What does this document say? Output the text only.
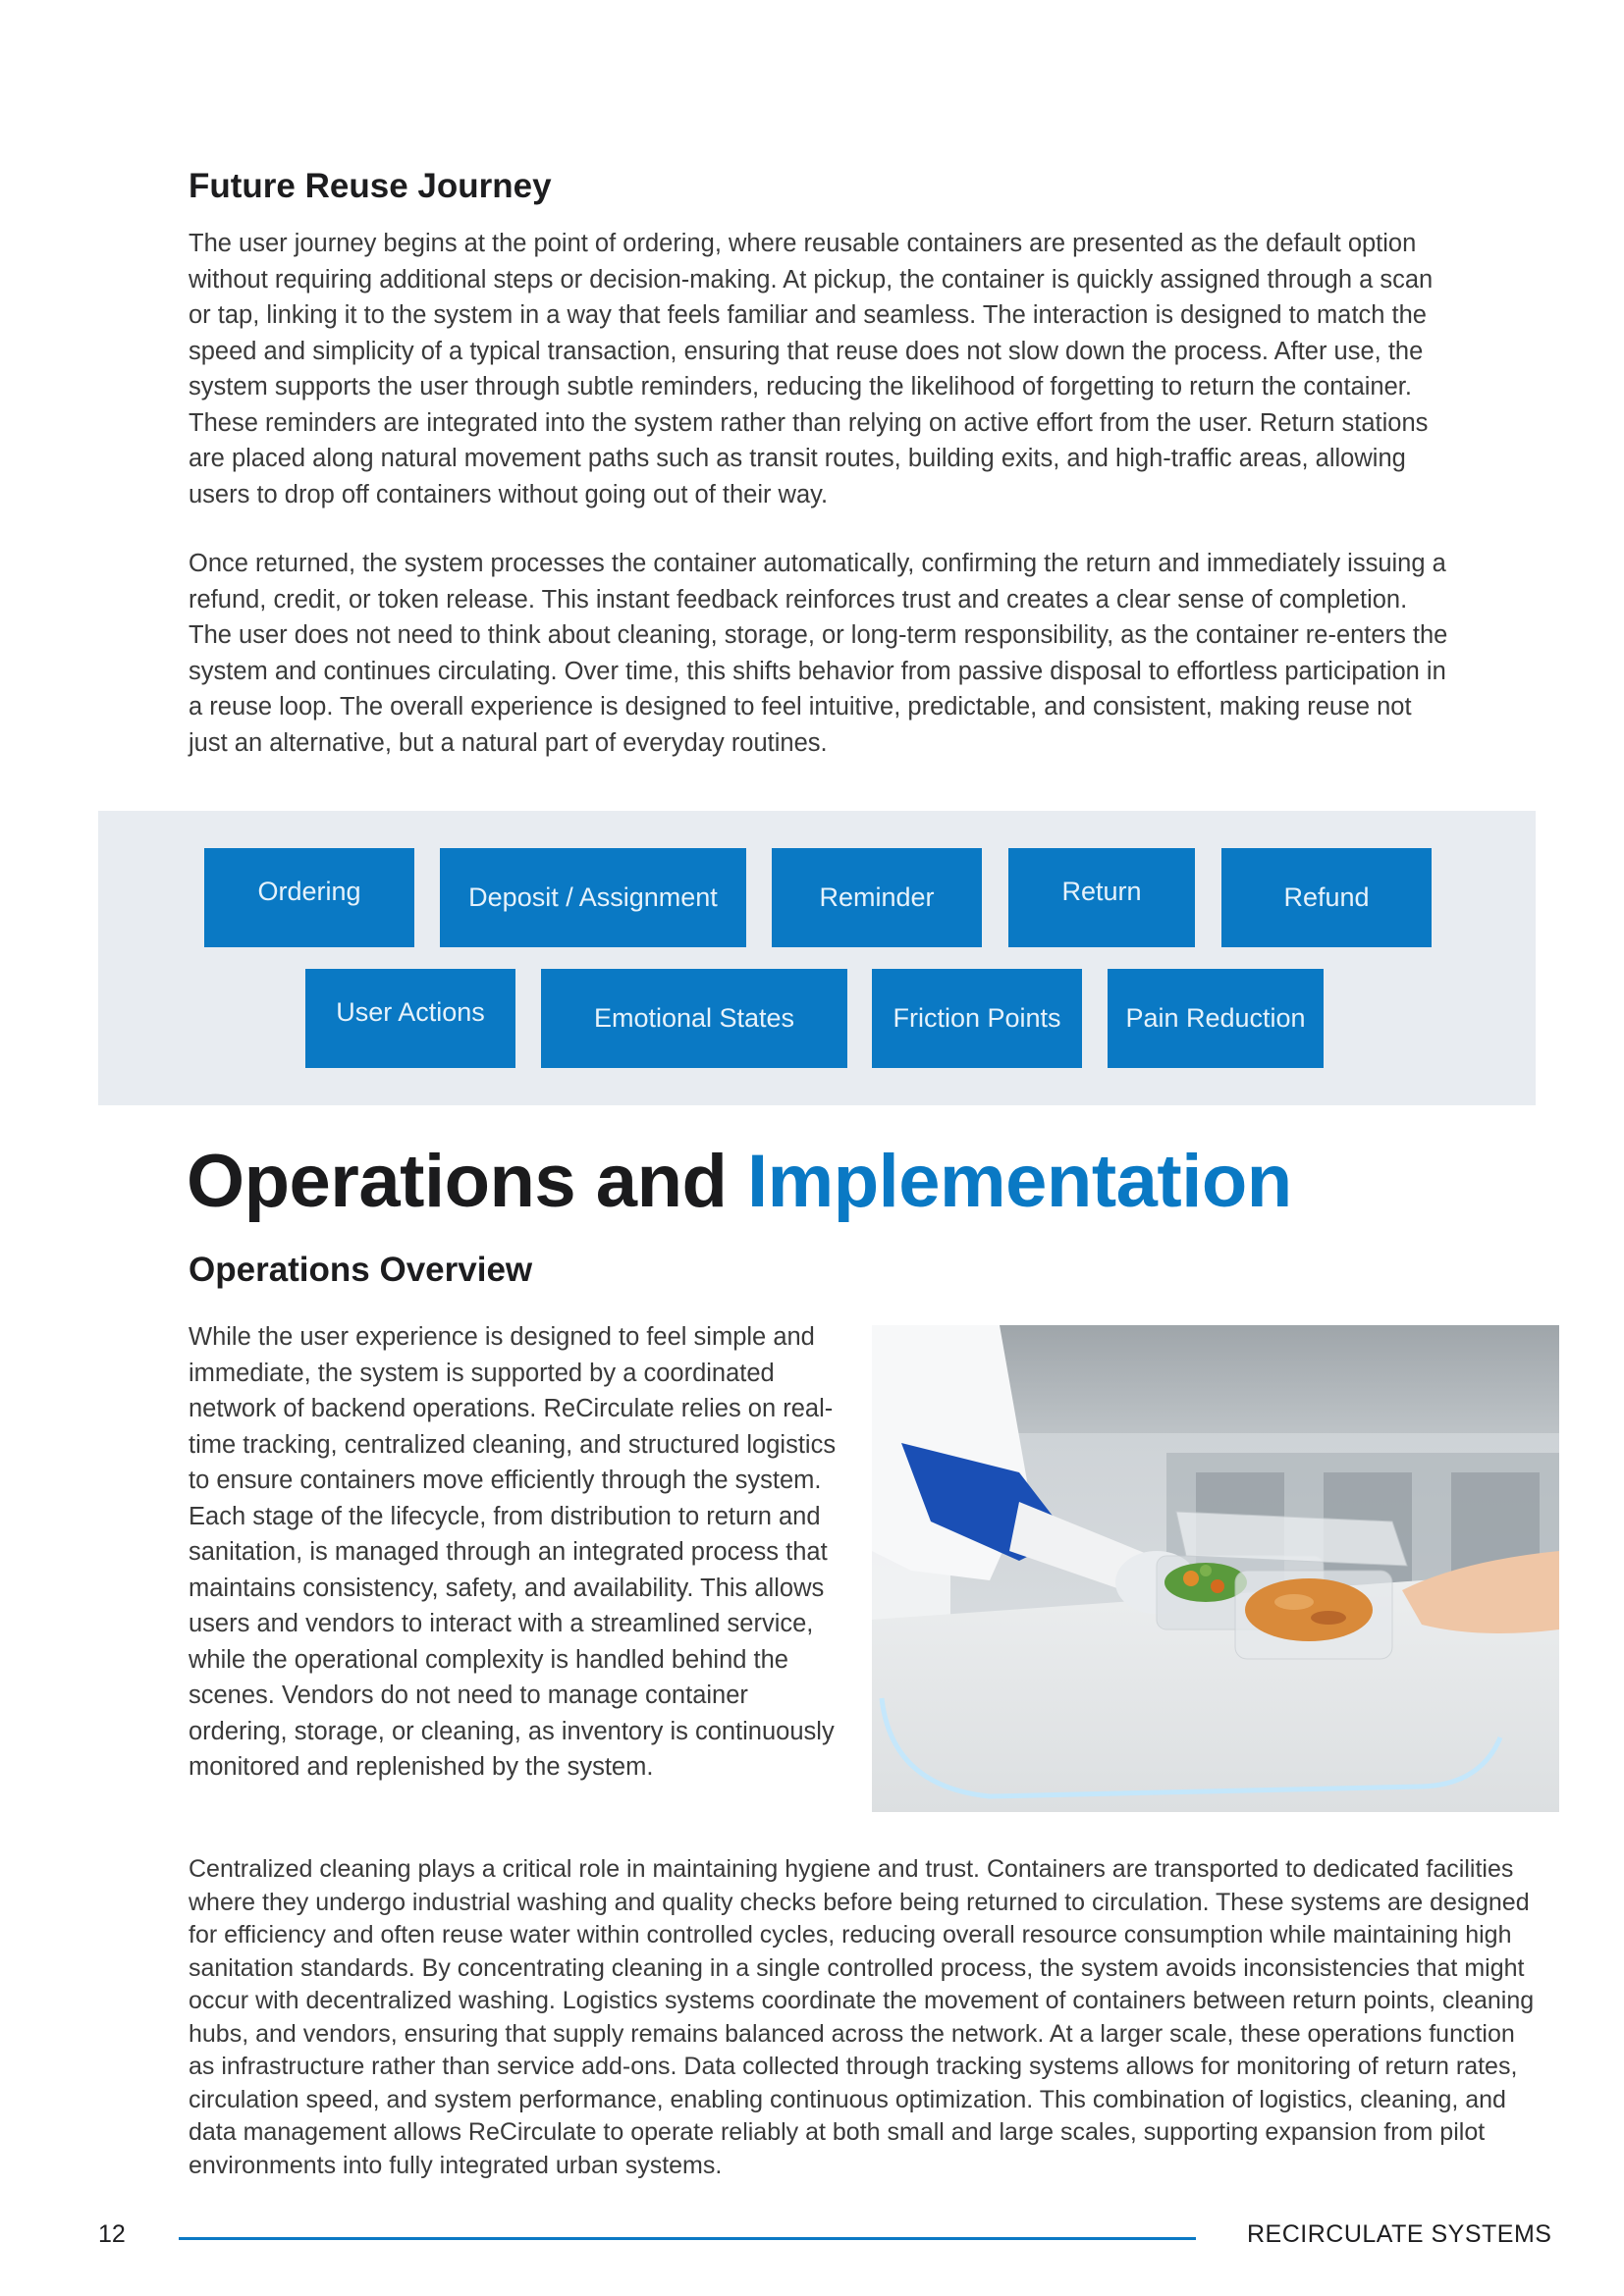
Future Reuse Journey

The user journey begins at the point of ordering, where reusable containers are presented as the default option without requiring additional steps or decision-making. At pickup, the container is quickly assigned through a scan or tap, linking it to the system in a way that feels familiar and seamless. The interaction is designed to match the speed and simplicity of a typical transaction, ensuring that reuse does not slow down the process. After use, the system supports the user through subtle reminders, reducing the likelihood of forgetting to return the container. These reminders are integrated into the system rather than relying on active effort from the user. Return stations are placed along natural movement paths such as transit routes, building exits, and high-traffic areas, allowing users to drop off containers without going out of their way.

Once returned, the system processes the container automatically, confirming the return and immediately issuing a refund, credit, or token release. This instant feedback reinforces trust and creates a clear sense of completion. The user does not need to think about cleaning, storage, or long-term responsibility, as the container re-enters the system and continues circulating. Over time, this shifts behavior from passive disposal to effortless participation in a reuse loop. The overall experience is designed to feel intuitive, predictable, and consistent, making reuse not just an alternative, but a natural part of everyday routines.

Ordering	Deposit / Assignment	Reminder	Return	Refund
User Actions	Emotional States	Friction Points	Pain Reduction
Operations and Implementation
Operations Overview

While the user experience is designed to feel simple and immediate, the system is supported by a coordinated network of backend operations. ReCirculate relies on real-time tracking, centralized cleaning, and structured logistics to ensure containers move efficiently through the system. Each stage of the lifecycle, from distribution to return and sanitation, is managed through an integrated process that maintains consistency, safety, and availability. This allows users and vendors to interact with a streamlined service, while the operational complexity is handled behind the scenes. Vendors do not need to manage container ordering, storage, or cleaning, as inventory is continuously monitored and replenished by the system.

Centralized cleaning plays a critical role in maintaining hygiene and trust. Containers are transported to dedicated facilities where they undergo industrial washing and quality checks before being returned to circulation. These systems are designed for efficiency and often reuse water within controlled cycles, reducing overall resource consumption while maintaining high sanitation standards. By concentrating cleaning in a single controlled process, the system avoids inconsistencies that might occur with decentralized washing. Logistics systems coordinate the movement of containers between return points, cleaning hubs, and vendors, ensuring that supply remains balanced across the network. At a larger scale, these operations function as infrastructure rather than service add-ons. Data collected through tracking systems allows for monitoring of return rates, circulation speed, and system performance, enabling continuous optimization. This combination of logistics, cleaning, and data management allows ReCirculate to operate reliably at both small and large scales, supporting expansion from pilot environments into fully integrated urban systems.

12	RECIRCULATE SYSTEMS
